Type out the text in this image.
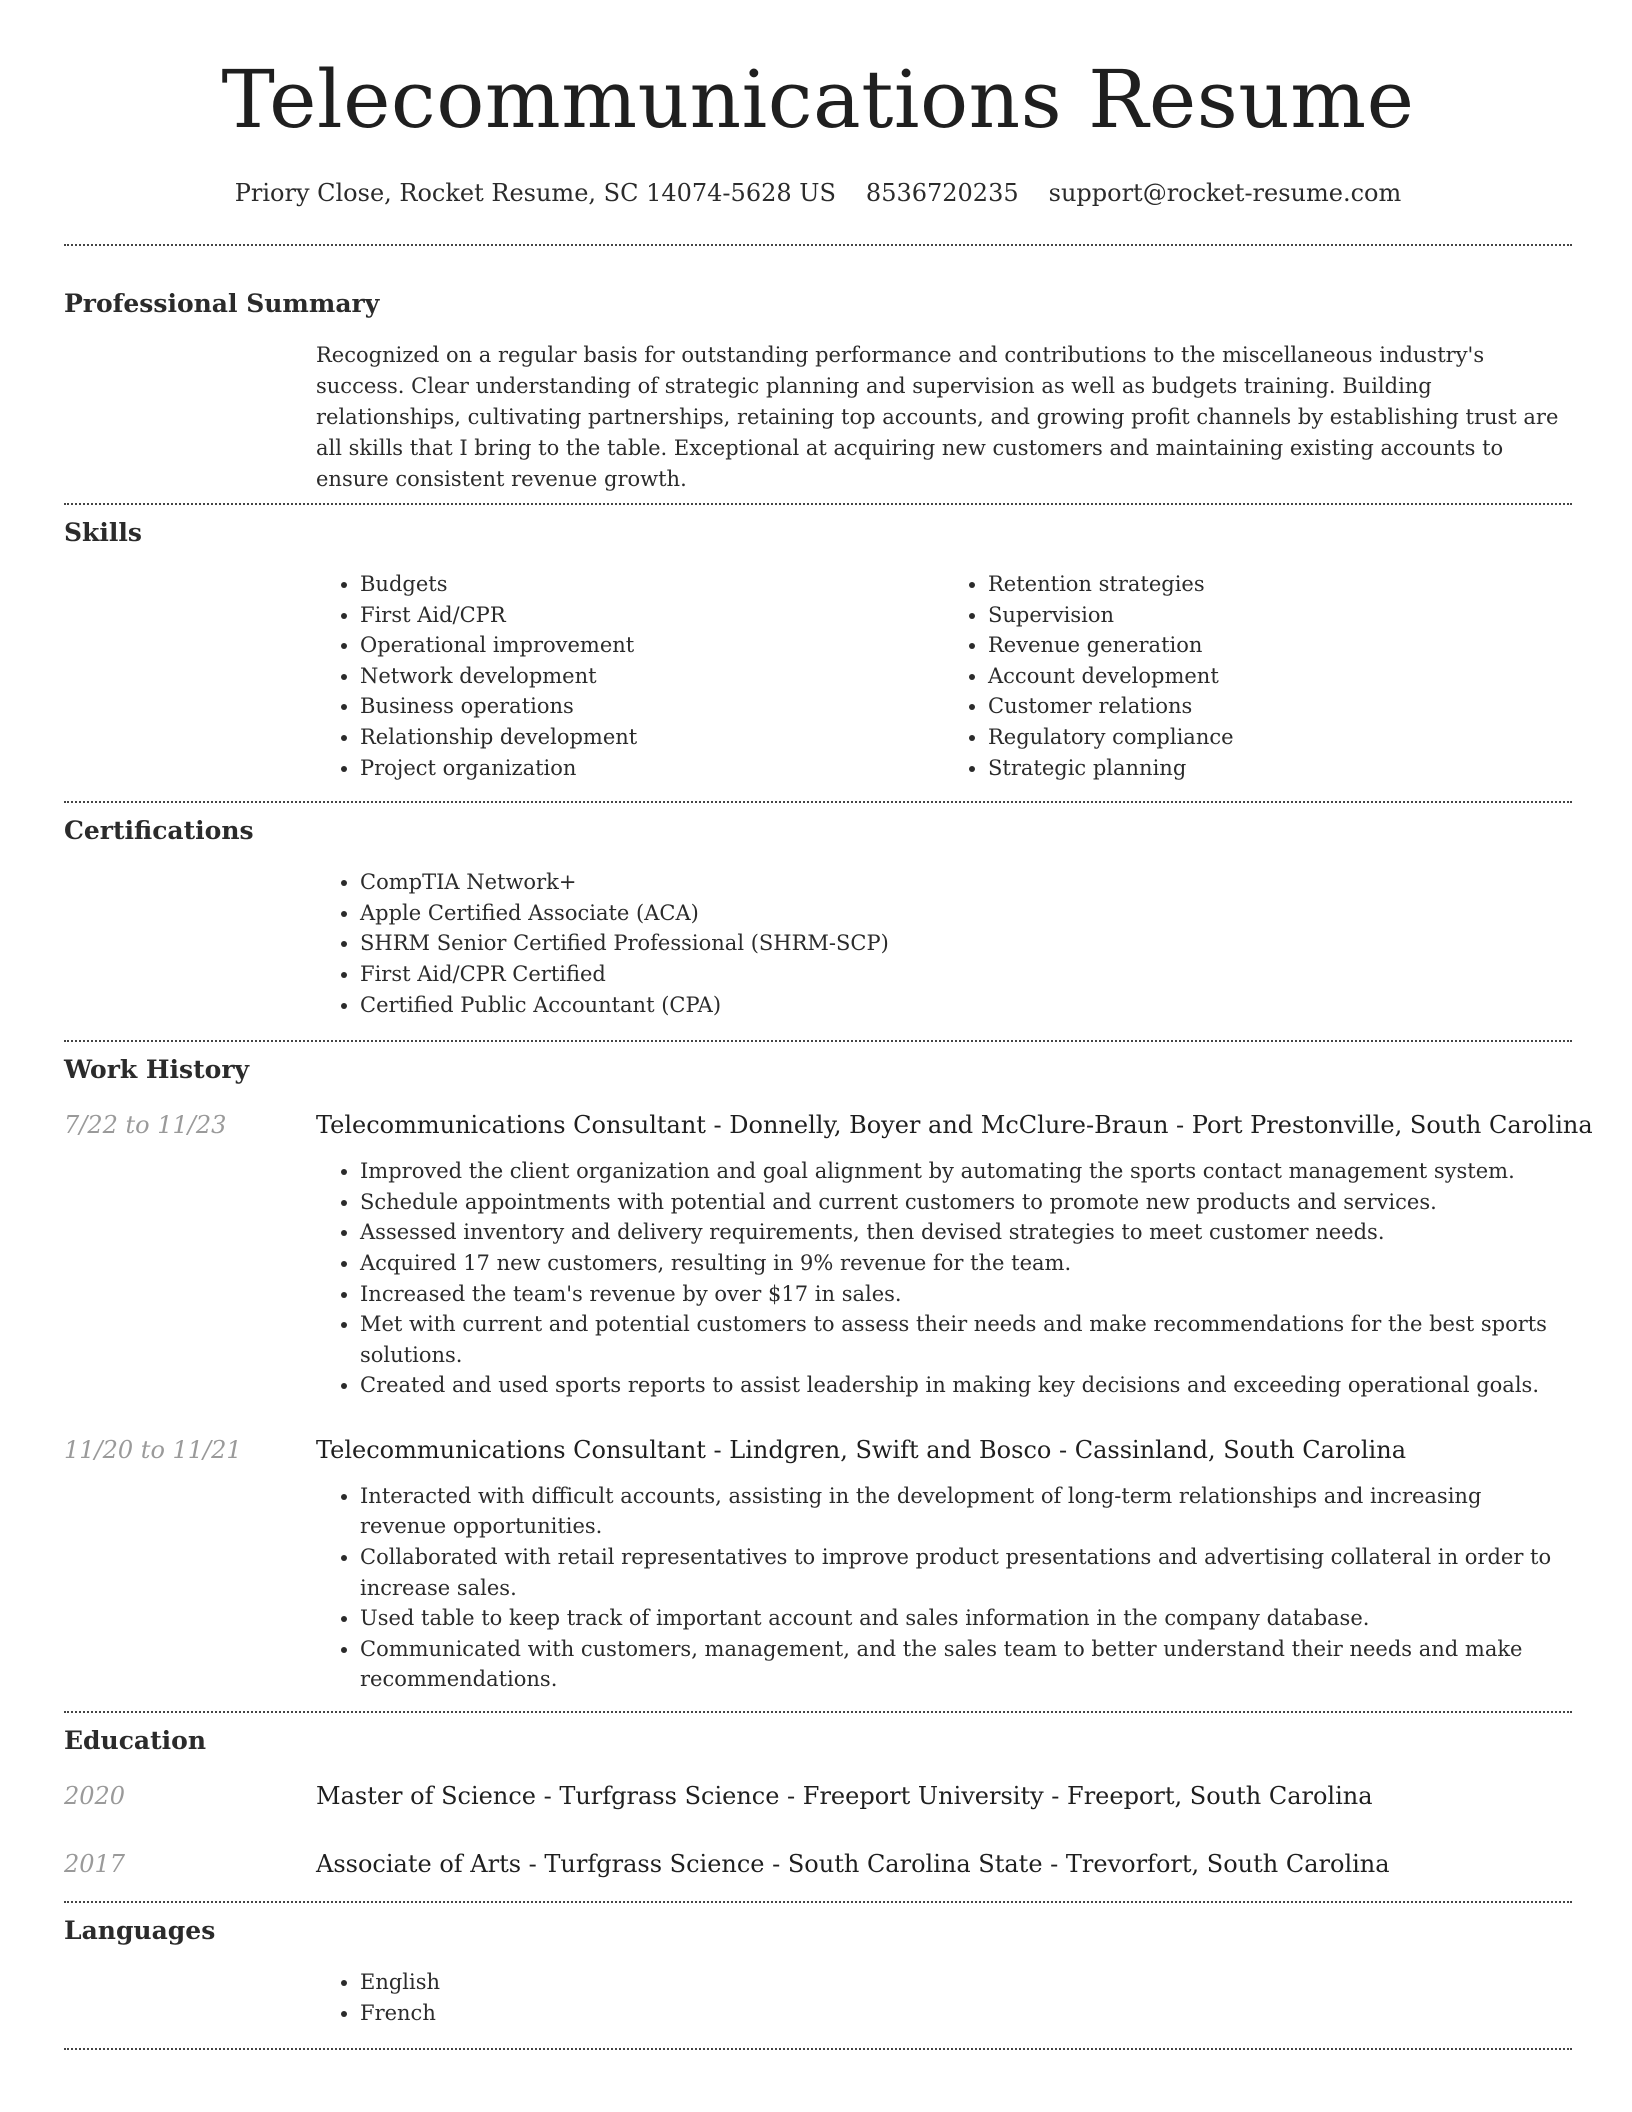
Telecommunications Resume
Priory Close, Rocket Resume, SC 14074-5628 US 8536720235 support@rocket-resume.com
Professional Summary
Recognized on a regular basis for outstanding performance and contributions to the miscellaneous industry's success. Clear understanding of strategic planning and supervision as well as budgets training. Building relationships, cultivating partnerships, retaining top accounts, and growing profit channels by establishing trust are all skills that I bring to the table. Exceptional at acquiring new customers and maintaining existing accounts to ensure consistent revenue growth.
Skills
• Budgets
• First Aid/CPR
• Operational improvement
• Network development
• Business operations
• Relationship development
• Project organization
• Retention strategies
• Supervision
• Revenue generation
• Account development
• Customer relations
• Regulatory compliance
• Strategic planning
Certifications
• CompTIA Network+
• Apple Certified Associate (ACA)
• SHRM Senior Certified Professional (SHRM-SCP)
• First Aid/CPR Certified
• Certified Public Accountant (CPA)
Work History
7/22 to 11/23	Telecommunications Consultant - Donnelly, Boyer and McClure-Braun - Port Prestonville, South Carolina
• Improved the client organization and goal alignment by automating the sports contact management system.
• Schedule appointments with potential and current customers to promote new products and services.
• Assessed inventory and delivery requirements, then devised strategies to meet customer needs.
• Acquired 17 new customers, resulting in 9% revenue for the team.
• Increased the team's revenue by over $17 in sales.
• Met with current and potential customers to assess their needs and make recommendations for the best sports solutions.
• Created and used sports reports to assist leadership in making key decisions and exceeding operational goals.
11/20 to 11/21	Telecommunications Consultant - Lindgren, Swift and Bosco - Cassinland, South Carolina
• Interacted with difficult accounts, assisting in the development of long-term relationships and increasing revenue opportunities.
• Collaborated with retail representatives to improve product presentations and advertising collateral in order to increase sales.
• Used table to keep track of important account and sales information in the company database.
• Communicated with customers, management, and the sales team to better understand their needs and make recommendations.
Education
2020	Master of Science - Turfgrass Science - Freeport University - Freeport, South Carolina
2017	Associate of Arts - Turfgrass Science - South Carolina State - Trevorfort, South Carolina
Languages
• English
• French
